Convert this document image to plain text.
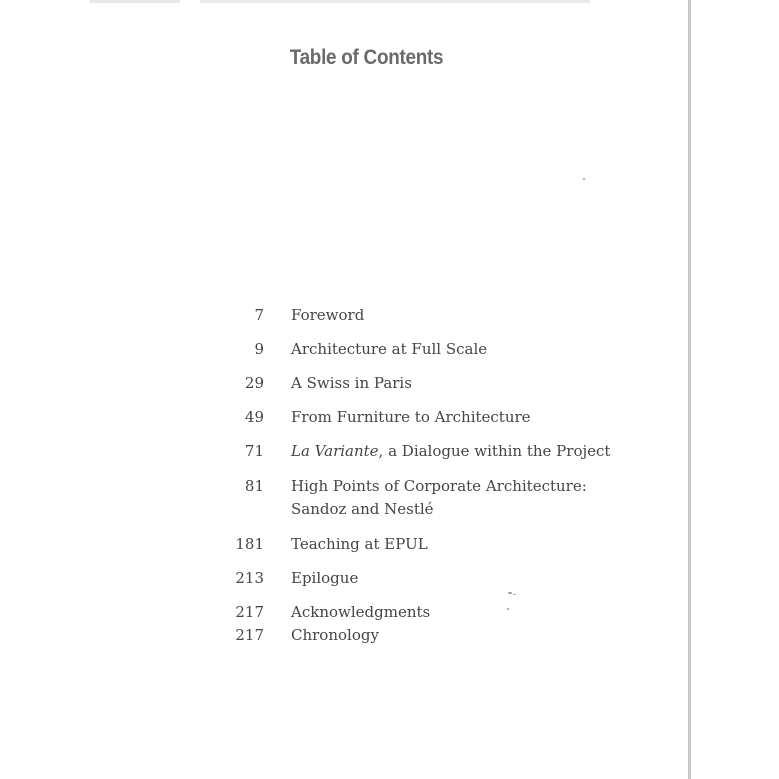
Table of Contents
7 Foreword
9 Architecture at Full Scale
29 A Swiss in Paris
49 From Furniture to Architecture
71 La Variante, a Dialogue within the Project
81 High Points of Corporate Architecture:
Sandoz and Nestlé
181 Teaching at EPUL
213 Epilogue
217 Acknowledgments
217 Chronology
